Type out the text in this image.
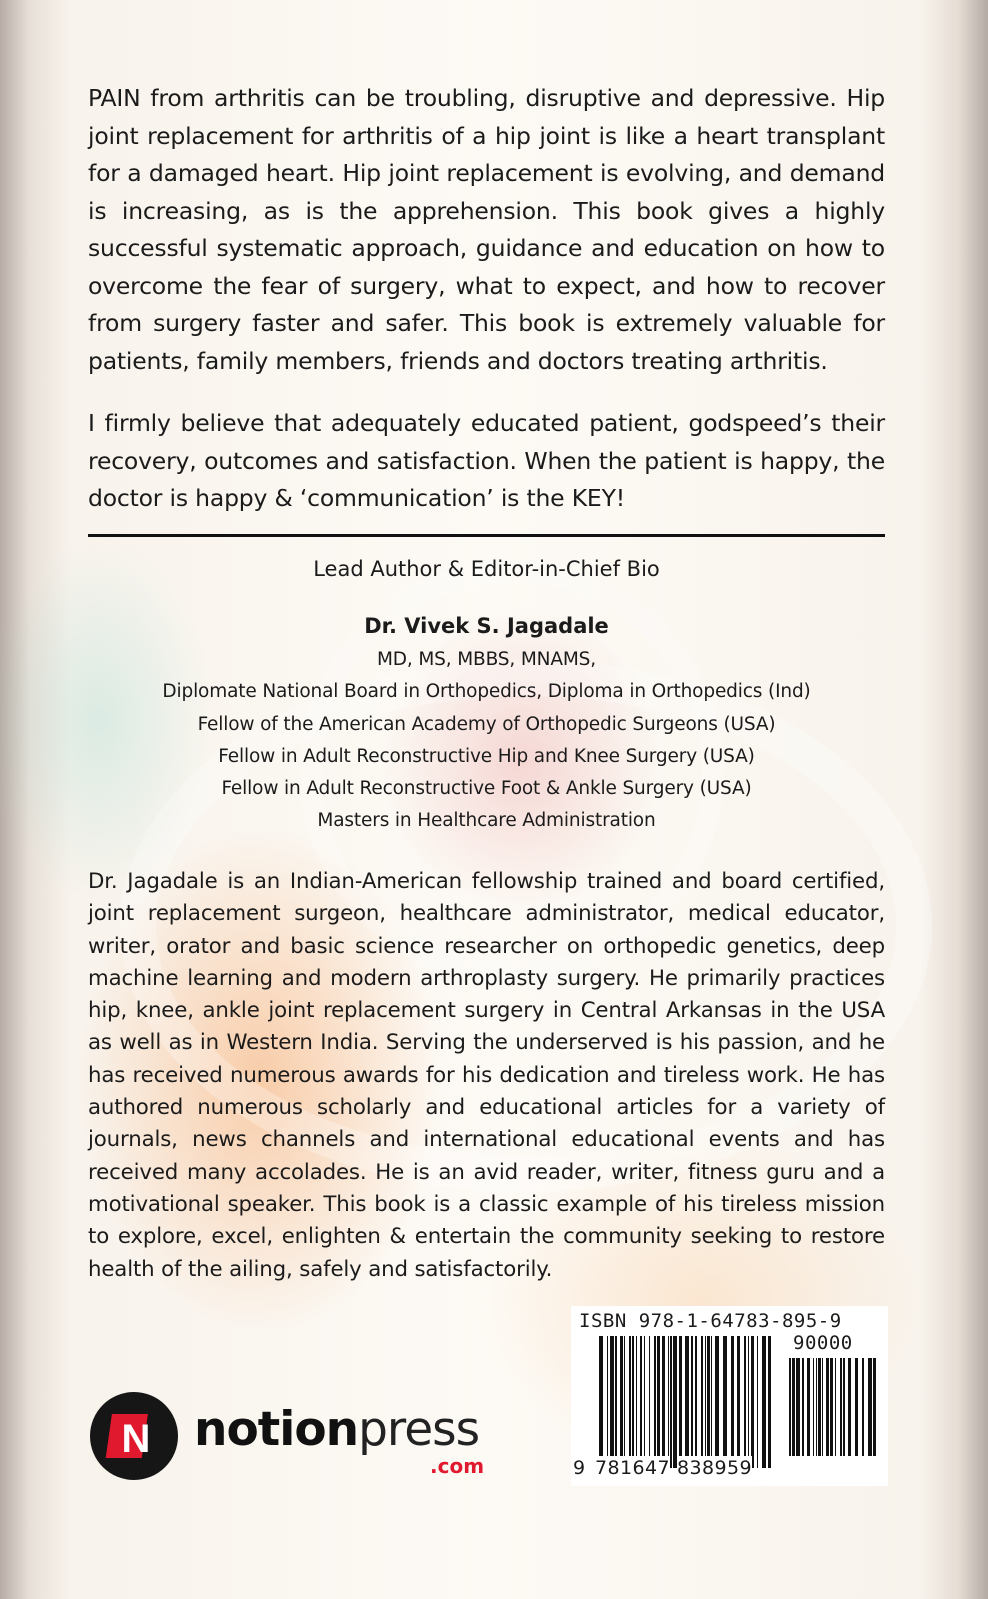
PAIN from arthritis can be troubling, disruptive and depressive. Hip joint replacement for arthritis of a hip joint is like a heart transplant for a damaged heart. Hip joint replacement is evolving, and demand is increasing, as is the apprehension. This book gives a highly successful systematic approach, guidance and education on how to overcome the fear of surgery, what to expect, and how to recover from surgery faster and safer. This book is extremely valuable for patients, family members, friends and doctors treating arthritis.

I firmly believe that adequately educated patient, godspeed’s their recovery, outcomes and satisfaction. When the patient is happy, the doctor is happy & ‘communication’ is the KEY!

Lead Author & Editor-in-Chief Bio
Dr. Vivek S. Jagadale
MD, MS, MBBS, MNAMS,
Diplomate National Board in Orthopedics, Diploma in Orthopedics (Ind)
Fellow of the American Academy of Orthopedic Surgeons (USA)
Fellow in Adult Reconstructive Hip and Knee Surgery (USA)
Fellow in Adult Reconstructive Foot & Ankle Surgery (USA)
Masters in Healthcare Administration

Dr. Jagadale is an Indian-American fellowship trained and board certified, joint replacement surgeon, healthcare administrator, medical educator, writer, orator and basic science researcher on orthopedic genetics, deep machine learning and modern arthroplasty surgery. He primarily practices hip, knee, ankle joint replacement surgery in Central Arkansas in the USA as well as in Western India. Serving the underserved is his passion, and he has received numerous awards for his dedication and tireless work. He has authored numerous scholarly and educational articles for a variety of journals, news channels and international educational events and has received many accolades. He is an avid reader, writer, fitness guru and a motivational speaker. This book is a classic example of his tireless mission to explore, excel, enlighten & entertain the community seeking to restore health of the ailing, safely and satisfactorily.

N notionpress
.com
ISBN 978-1-64783-895-9
90000
9 781647 838959
